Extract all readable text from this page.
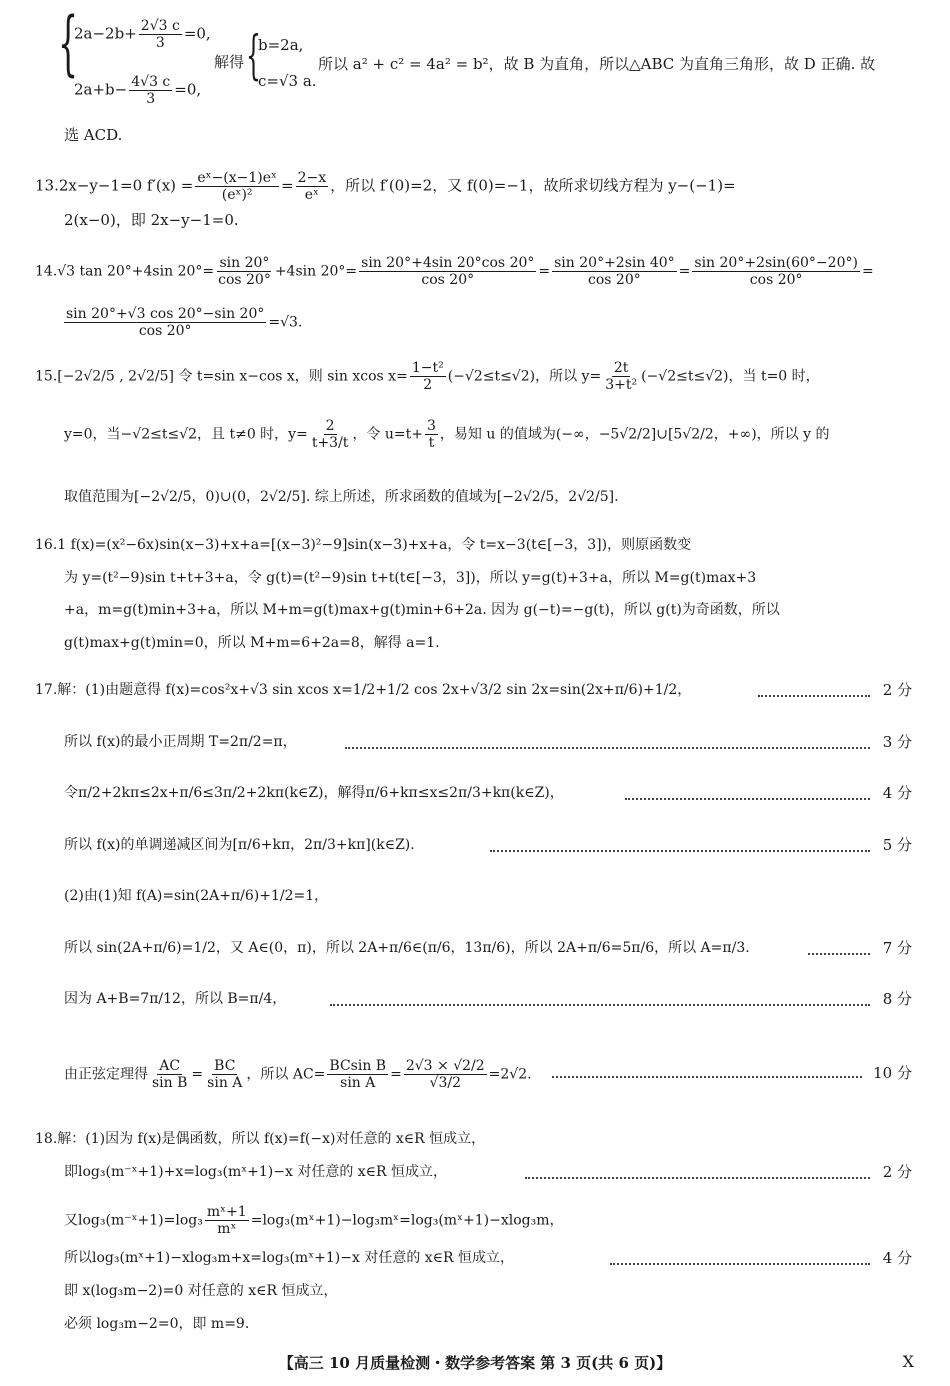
{
$2a-2b+ \frac{2√3 c}{3} =0$,
$2a+b- \frac{4√3 c}{3} =0$,
解得 {
b=2a,
c=√3 a.
所以 a² + c² = 4a² = b²，故 B 为直角，所以△ABC 为直角三角形，故 D 正确. 故
选 ACD.
13.2x−y−1=0 $f'(x) = \frac{\text{eˣ−(x−1)eˣ}}{\text{(eˣ)²}} = \frac{2-x}{\text{eˣ}}$ ，所以 f′(0)=2，又 f(0)=−1，故所求切线方程为 y−(−1)=
2(x−0)，即 2x−y−1=0.
14.√3 tan 20°+4sin $20^\circ= \frac{\sin 20^\circ}{\cos 20^\circ} +4\sin$ $20^\circ= \frac{\sin 20^\circ+4\sin 20^\circ\cos 20^\circ}{\cos 20^\circ} = \frac{\sin 20^\circ+2\sin 40^\circ}{\cos 20^\circ} = \frac{\sin 20^\circ+2\sin(60^\circ-20^\circ)}{\cos 20^\circ}$ =
$\frac{\sin 20^\circ+√3 \cos 20^\circ-\sin 20^\circ}{\cos 20^\circ} =√3$.
15.[−2√2/5 , 2√2/5] 令 t=sin x−cos x，则 sin xcos $x= \frac{\text{1−t²}}{2} (-√2\le t\le√2)$，所以 $y= \frac{2t}{\text{3+t²}} (-√2\le t\le√2)$，当 t=0 时，
y=0，当−√2≤t≤√2，且 t≠0 时，$y= \frac{2}{t+3/t}$ ，令 $u=t+ \frac{3}{t}$ ，易知 u 的值域为(−∞，−5√2/2]∪[5√2/2，+∞)，所以 y 的
取值范围为[−2√2/5，0)∪(0，2√2/5]. 综上所述，所求函数的值域为[−2√2/5，2√2/5].
16.1 f(x)=(x²−6x)sin(x−3)+x+a=[(x−3)²−9]sin(x−3)+x+a，令 t=x−3(t∈[−3，3])，则原函数变
为 y=(t²−9)sin t+t+3+a，令 g(t)=(t²−9)sin t+t(t∈[−3，3])，所以 y=g(t)+3+a，所以 M=g(t)max+3
+a，m=g(t)min+3+a，所以 M+m=g(t)max+g(t)min+6+2a. 因为 g(−t)=−g(t)，所以 g(t)为奇函数，所以
g(t)max+g(t)min=0，所以 M+m=6+2a=8，解得 a=1.
17.解：(1)由题意得 f(x)=cos²x+√3 sin xcos x=1/2+1/2 cos 2x+√3/2 sin 2x=sin(2x+π/6)+1/2，	2 分
所以 f(x)的最小正周期 T=2π/2=π，	3 分
令π/2+2kπ≤2x+π/6≤3π/2+2kπ(k∈Z)，解得π/6+kπ≤x≤2π/3+kπ(k∈Z)，	4 分
所以 f(x)的单调递减区间为[π/6+kπ，2π/3+kπ](k∈Z).	5 分
(2)由(1)知 f(A)=sin(2A+π/6)+1/2=1，
所以 sin(2A+π/6)=1/2，又 A∈(0，π)，所以 2A+π/6∈(π/6，13π/6)，所以 2A+π/6=5π/6，所以 A=π/3.	7 分
因为 A+B=7π/12，所以 B=π/4，	8 分
由正弦定理得 $\frac{AC}{\text{sin B}} = \frac{BC}{\text{sin A}}$ ，所以 $AC= \frac{\text{BCsin B}}{\text{sin A}} = \frac{2√3 \times √2/2}{√3/2} =2√2$.	10 分
18.解：(1)因为 f(x)是偶函数，所以 f(x)=f(−x)对任意的 x∈R 恒成立，
即log₃(m⁻ˣ+1)+x=log₃(mˣ+1)−x 对任意的 x∈R 恒成立，	2 分
又log₃(m⁻ˣ+1)=log₃ $\frac{\text{mˣ+1}}{\text{mˣ}}$ =log₃(mˣ+1)−log₃mˣ=log₃(mˣ+1)−xlog₃m，
所以log₃(mˣ+1)−xlog₃m+x=log₃(mˣ+1)−x 对任意的 x∈R 恒成立，	4 分
即 x(log₃m−2)=0 对任意的 x∈R 恒成立，
必须 log₃m−2=0，即 m=9.
【高三 10 月质量检测・数学参考答案 第 3 页(共 6 页)】	X
